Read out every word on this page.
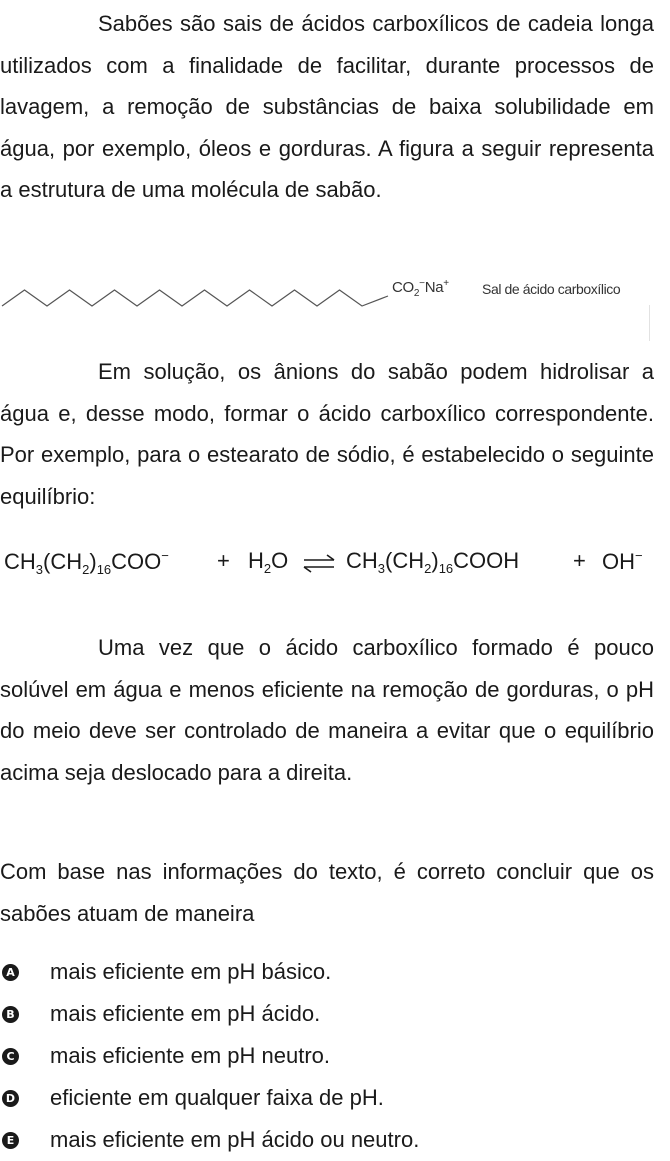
Sabões são sais de ácidos carboxílicos de cadeia longa utilizados com a finalidade de facilitar, durante processos de lavagem, a remoção de substâncias de baixa solubilidade em água, por exemplo, óleos e gorduras. A figura a seguir representa a estrutura de uma molécula de sabão.

$CO_2^-Na^+$ Sal de ácido carboxílico

Em solução, os ânions do sabão podem hidrolisar a água e, desse modo, formar o ácido carboxílico correspondente. Por exemplo, para o estearato de sódio, é estabelecido o seguinte equilíbrio:

$CH_3(CH_2)_{16}COO^- + H_2O$ ⇌ $CH_3(CH_2)_{16}COOH + OH^-$

Uma vez que o ácido carboxílico formado é pouco solúvel em água e menos eficiente na remoção de gorduras, o pH do meio deve ser controlado de maneira a evitar que o equilíbrio acima seja deslocado para a direita.

Com base nas informações do texto, é correto concluir que os sabões atuam de maneira

A mais eficiente em pH básico.
B mais eficiente em pH ácido.
C mais eficiente em pH neutro.
D eficiente em qualquer faixa de pH.
E mais eficiente em pH ácido ou neutro.
